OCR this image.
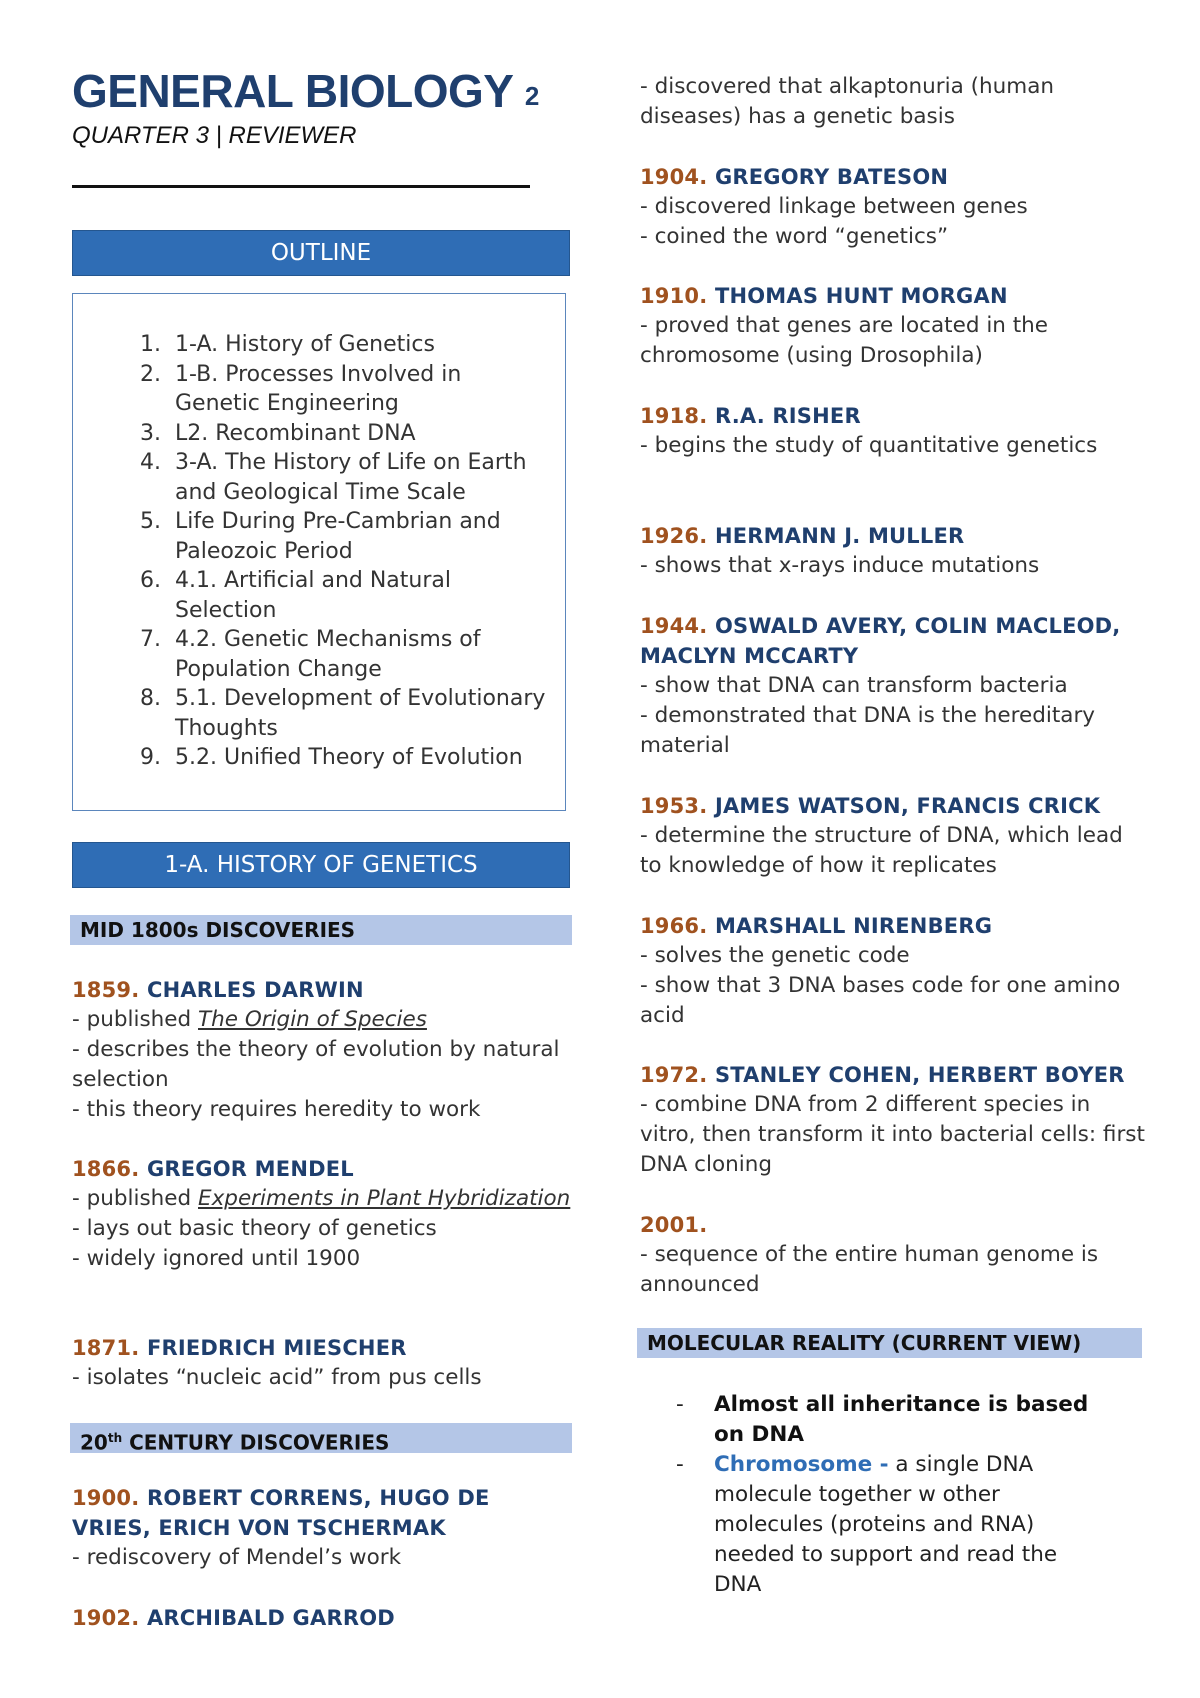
GENERAL BIOLOGY 2
QUARTER 3 | REVIEWER
OUTLINE
1. 1-A. History of Genetics
2. 1-B. Processes Involved in Genetic Engineering
3. L2. Recombinant DNA
4. 3-A. The History of Life on Earth and Geological Time Scale
5. Life During Pre-Cambrian and Paleozoic Period
6. 4.1. Artificial and Natural Selection
7. 4.2. Genetic Mechanisms of Population Change
8. 5.1. Development of Evolutionary Thoughts
9. 5.2. Unified Theory of Evolution
1-A. HISTORY OF GENETICS
MID 1800s DISCOVERIES
1859. CHARLES DARWIN

- published The Origin of Species

- describes the theory of evolution by natural selection

- this theory requires heredity to work

1866. GREGOR MENDEL

- published Experiments in Plant Hybridization

- lays out basic theory of genetics

- widely ignored until 1900

1871. FRIEDRICH MIESCHER

- isolates “nucleic acid” from pus cells

20th CENTURY DISCOVERIES
1900. ROBERT CORRENS, HUGO DE VRIES, ERICH VON TSCHERMAK

- rediscovery of Mendel’s work

1902. ARCHIBALD GARROD

- discovered that alkaptonuria (human diseases) has a genetic basis

1904. GREGORY BATESON

- discovered linkage between genes

- coined the word “genetics”

1910. THOMAS HUNT MORGAN

- proved that genes are located in the chromosome (using Drosophila)

1918. R.A. RISHER

- begins the study of quantitative genetics

1926. HERMANN J. MULLER

- shows that x-rays induce mutations

1944. OSWALD AVERY, COLIN MACLEOD, MACLYN MCCARTY

- show that DNA can transform bacteria

- demonstrated that DNA is the hereditary material

1953. JAMES WATSON, FRANCIS CRICK

- determine the structure of DNA, which lead to knowledge of how it replicates

1966. MARSHALL NIRENBERG

- solves the genetic code

- show that 3 DNA bases code for one amino acid

1972. STANLEY COHEN, HERBERT BOYER

- combine DNA from 2 different species in vitro, then transform it into bacterial cells: first DNA cloning

2001.

- sequence of the entire human genome is announced

MOLECULAR REALITY (CURRENT VIEW)
-	Almost all inheritance is based on DNA
-	Chromosome - a single DNA molecule together w other molecules (proteins and RNA) needed to support and read the DNA
